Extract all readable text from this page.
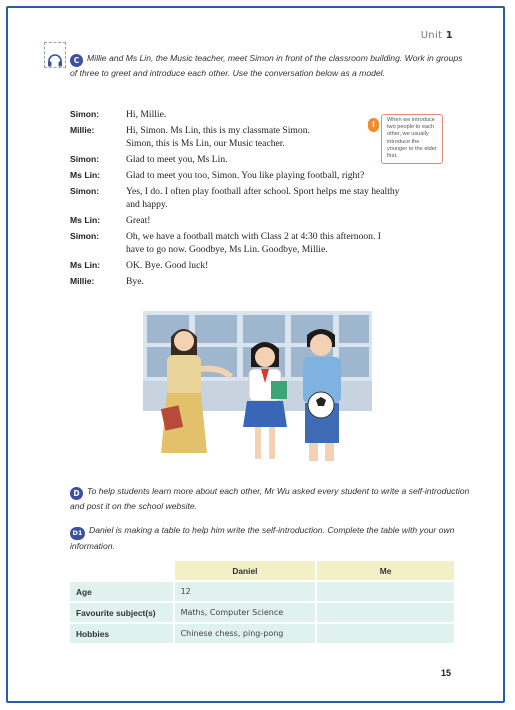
Unit 1
C Millie and Ms Lin, the Music teacher, meet Simon in front of the classroom building. Work in groups of three to greet and introduce each other. Use the conversation below as a model.
Simon:	Hi, Millie.
Millie:	Hi, Simon. Ms Lin, this is my classmate Simon.
Simon, this is Ms Lin, our Music teacher.
Simon:	Glad to meet you, Ms Lin.
Ms Lin:	Glad to meet you too, Simon. You like playing football, right?
Simon:	Yes, I do. I often play football after school. Sport helps me stay healthy
and happy.
Ms Lin:	Great!
Simon:	Oh, we have a football match with Class 2 at 4:30 this afternoon. I
have to go now. Goodbye, Ms Lin. Goodbye, Millie.
Ms Lin:	OK. Bye. Good luck!
Millie:	Bye.
i	When we introduce two people to each other, we usually introduce the younger to the elder first.
D To help students learn more about each other, Mr Wu asked every student to write a self-introduction and post it on the school website.
D1 Daniel is making a table to help him write the self-introduction. Complete the table with your own information.
	Daniel	Me
Age	12	
Favourite subject(s)	Maths, Computer Science	
Hobbies	Chinese chess, ping-pong	
15
